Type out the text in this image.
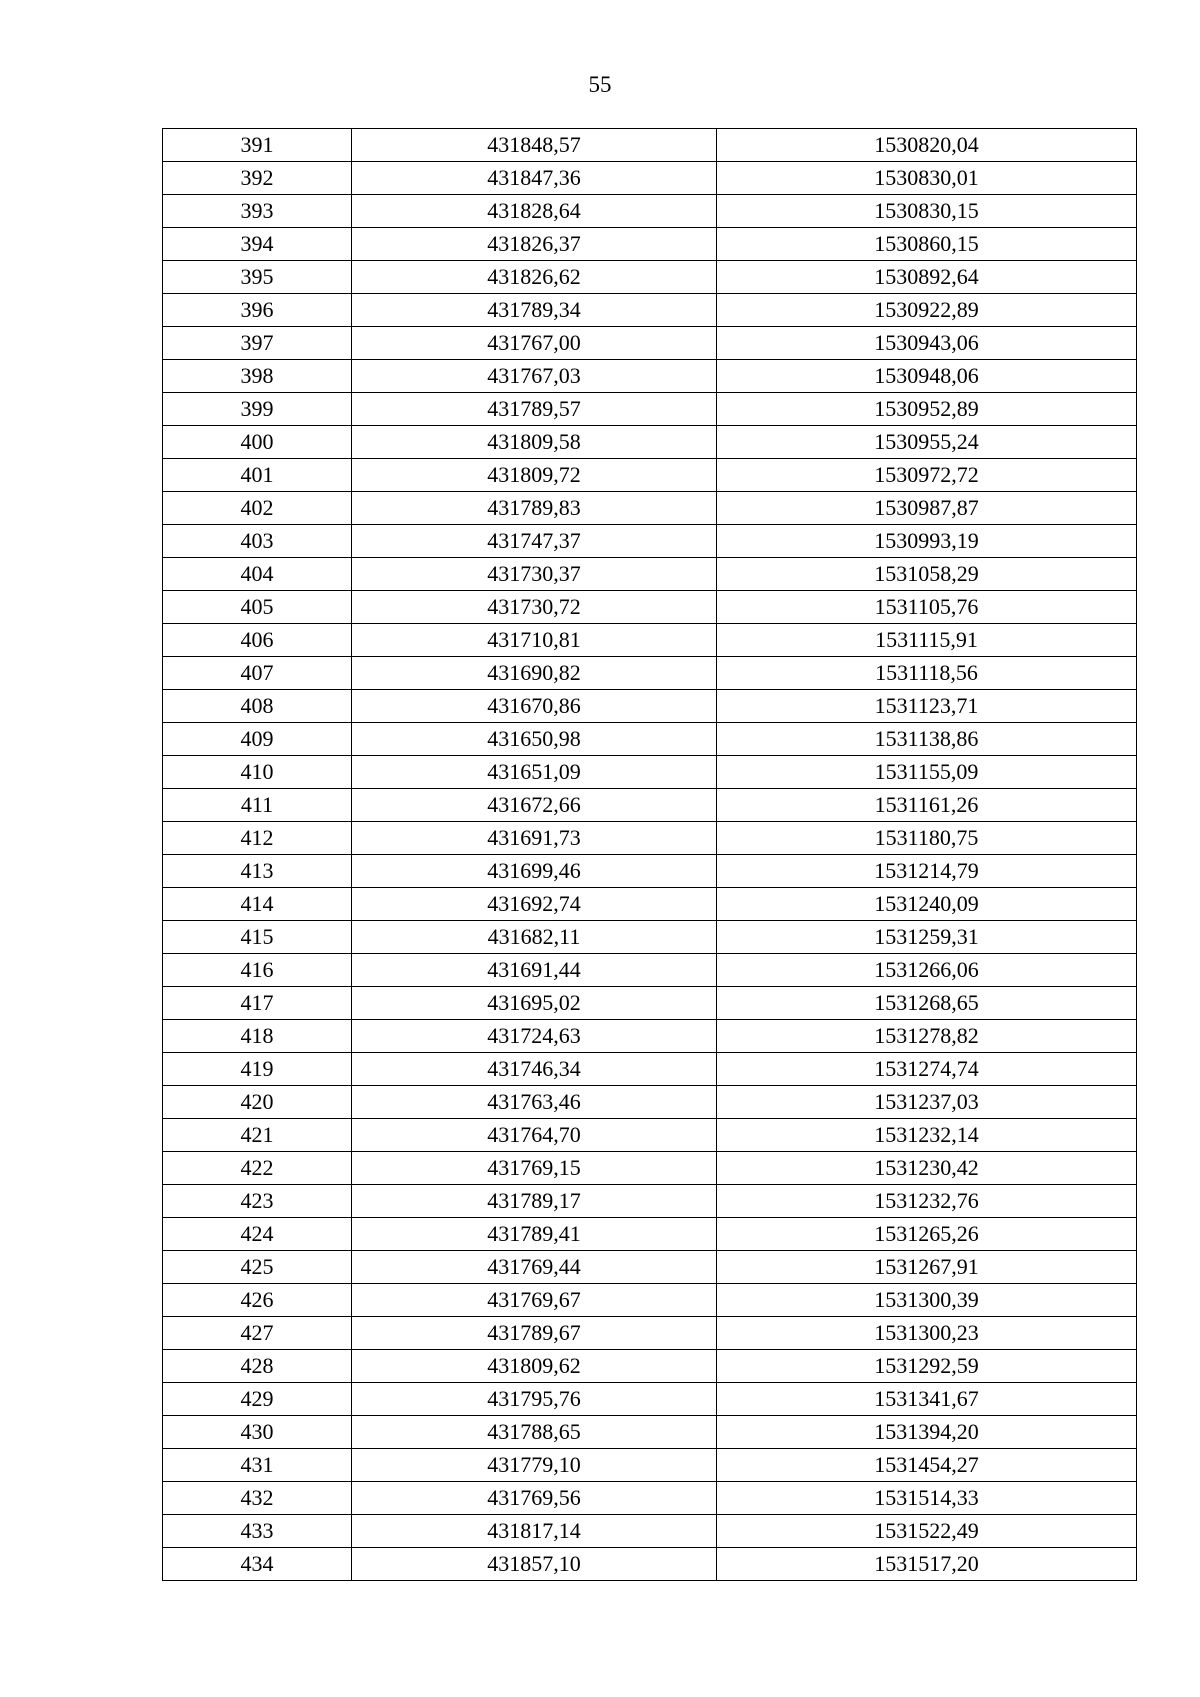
55
391	431848,57	1530820,04
392	431847,36	1530830,01
393	431828,64	1530830,15
394	431826,37	1530860,15
395	431826,62	1530892,64
396	431789,34	1530922,89
397	431767,00	1530943,06
398	431767,03	1530948,06
399	431789,57	1530952,89
400	431809,58	1530955,24
401	431809,72	1530972,72
402	431789,83	1530987,87
403	431747,37	1530993,19
404	431730,37	1531058,29
405	431730,72	1531105,76
406	431710,81	1531115,91
407	431690,82	1531118,56
408	431670,86	1531123,71
409	431650,98	1531138,86
410	431651,09	1531155,09
411	431672,66	1531161,26
412	431691,73	1531180,75
413	431699,46	1531214,79
414	431692,74	1531240,09
415	431682,11	1531259,31
416	431691,44	1531266,06
417	431695,02	1531268,65
418	431724,63	1531278,82
419	431746,34	1531274,74
420	431763,46	1531237,03
421	431764,70	1531232,14
422	431769,15	1531230,42
423	431789,17	1531232,76
424	431789,41	1531265,26
425	431769,44	1531267,91
426	431769,67	1531300,39
427	431789,67	1531300,23
428	431809,62	1531292,59
429	431795,76	1531341,67
430	431788,65	1531394,20
431	431779,10	1531454,27
432	431769,56	1531514,33
433	431817,14	1531522,49
434	431857,10	1531517,20
